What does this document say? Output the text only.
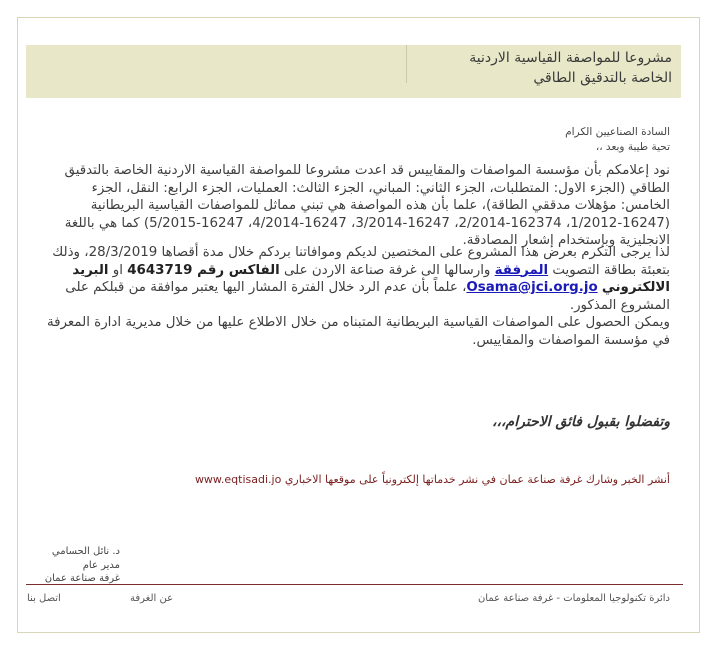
مشروعا للمواصفة القياسية الاردنية
الخاصة بالتدقيق الطاقي
السادة الصناعيين الكرام
تحية طيبة وبعد ،،
نود إعلامكم بأن مؤسسة المواصفات والمقاييس قد اعدت مشروعا للمواصفة القياسية الاردنية الخاصة بالتدقيق الطاقي (الجزء الاول: المتطلبات، الجزء الثاني: المباني، الجزء الثالث: العمليات، الجزء الرابع: النقل، الجزء الخامس: مؤهلات مدققي الطاقة)، علما بأن هذه المواصفة هي تبني مماثل للمواصفات القياسية البريطانية (16247-1/2012، 162374-2/2014، 16247-3/2014، 16247-4/2014، 16247-5/2015) كما هي باللغة الانجليزية وبإستخدام إشعار المصادقة.
لذا يرجى التكرم بعرض هذا المشروع على المختصين لديكم وموافاتنا بردكم خلال مدة أقصاها 28/3/2019، وذلك بتعبئة بطاقة التصويت المرفقة وارسالها الى غرفة صناعة الاردن على الفاكس رقم 4643719 او البريد الالكتروني Osama@jci.org.jo، علماً بأن عدم الرد خلال الفترة المشار اليها يعتبر موافقة من قبلكم على المشروع المذكور.
ويمكن الحصول على المواصفات القياسية البريطانية المتبناه من خلال الاطلاع عليها من خلال مديرية ادارة المعرفة في مؤسسة المواصفات والمقاييس.
وتفضلوا بقبول فائق الاحترام،،،
أنشر الخبر وشارك غرفة صناعة عمان في نشر خدماتها إلكترونياً على موقعها الاخباري www.eqtisadi.jo
د. نائل الحسامي
مدير عام
غرفة صناعة عمان
دائرة تكنولوجيا المعلومات - غرفة صناعة عمان
عن الغرفة
اتصل بنا
